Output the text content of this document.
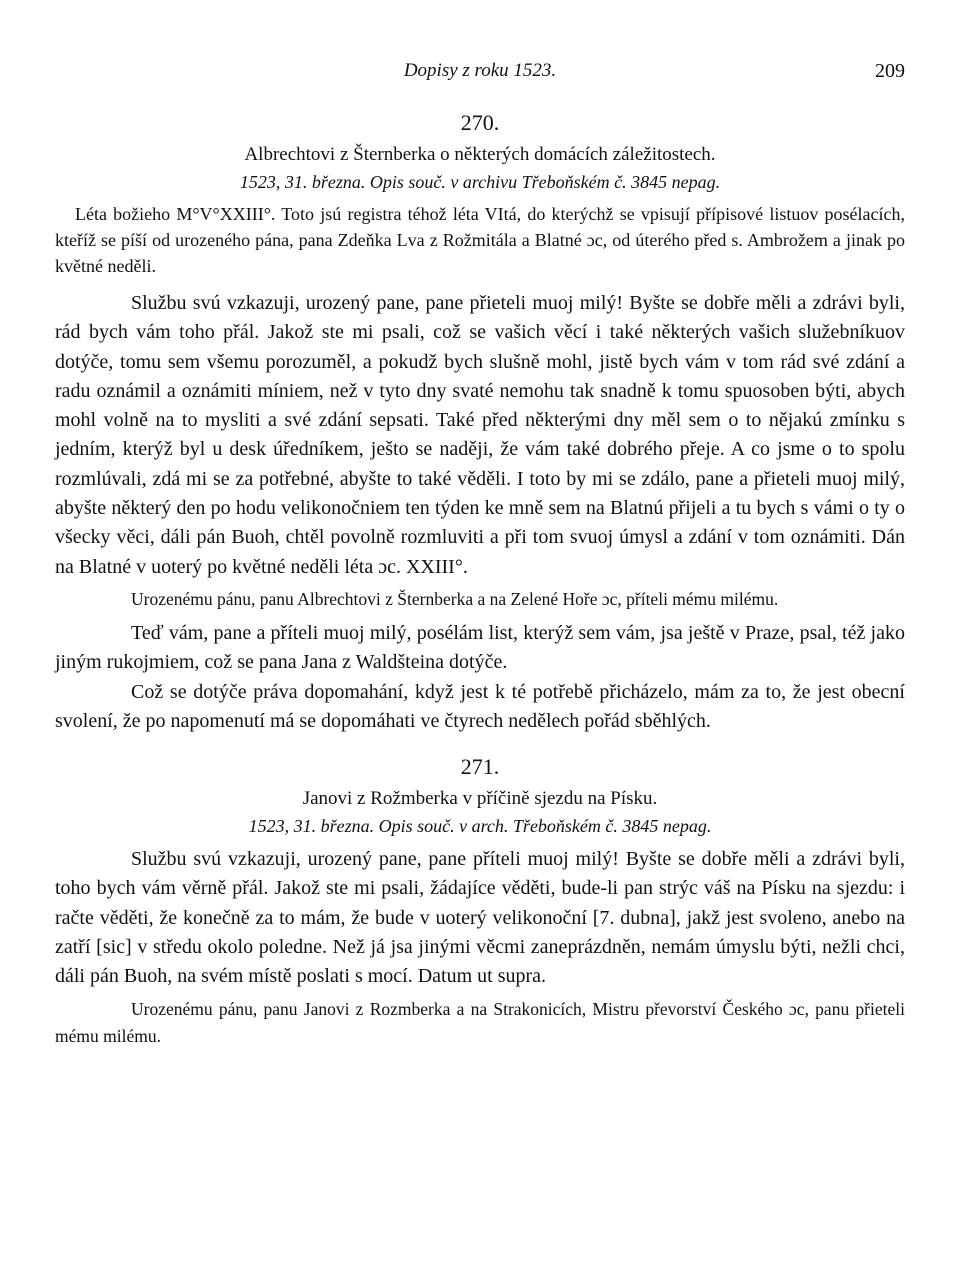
Dopisy z roku 1523.	209
270.
Albrechtovi z Šternberka o některých domácích záležitostech.
1523, 31. března. Opis souč. v archivu Třeboňském č. 3845 nepag.

Léta božieho M°V°XXIII°. Toto jsú registra téhož léta VItá, do kterýchž se vpisují přípisové listuov posélacích, kteříž se píší od urozeného pána, pana Zdeňka Lva z Rožmitála a Blatné ɔc, od úterého před s. Ambrožem a jinak po květné neděli.

Službu svú vzkazuji, urozený pane, pane přieteli muoj milý! Byšte se dobře měli a zdrávi byli, rád bych vám toho přál. Jakož ste mi psali, což se vašich věcí i také některých vašich služebníkuov dotýče, tomu sem všemu porozuměl, a pokudž bych slušně mohl, jistě bych vám v tom rád své zdání a radu oznámil a oznámiti míniem, než v tyto dny svaté nemohu tak snadně k tomu spuosoben býti, abych mohl volně na to mysliti a své zdání sepsati. Také před některými dny měl sem o to nějakú zmínku s jedním, kterýž byl u desk úředníkem, ješto se naději, že vám také dobrého přeje. A co jsme o to spolu rozmlúvali, zdá mi se za potřebné, abyšte to také věděli. I toto by mi se zdálo, pane a přieteli muoj milý, abyšte některý den po hodu velikonočniem ten týden ke mně sem na Blatnú přijeli a tu bych s vámi o ty o všecky věci, dáli pán Buoh, chtěl povolně rozmluviti a při tom svuoj úmysl a zdání v tom oznámiti. Dán na Blatné v uoterý po květné neděli léta ɔc. XXIII°.

Urozenému pánu, panu Albrechtovi z Šternberka a na Zelené Hoře ɔc, příteli mému milému.

Teď vám, pane a příteli muoj milý, posélám list, kterýž sem vám, jsa ještě v Praze, psal, též jako jiným rukojmiem, což se pana Jana z Waldšteina dotýče.

Což se dotýče práva dopomahání, když jest k té potřebě přicházelo, mám za to, že jest obecní svolení, že po napomenutí má se dopomáhati ve čtyrech nedělech pořád sběhlých.

271.
Janovi z Rožmberka v příčině sjezdu na Písku.
1523, 31. března. Opis souč. v arch. Třeboňském č. 3845 nepag.

Službu svú vzkazuji, urozený pane, pane příteli muoj milý! Byšte se dobře měli a zdrávi byli, toho bych vám věrně přál. Jakož ste mi psali, žádajíce věděti, bude-li pan strýc váš na Písku na sjezdu: i račte věděti, že konečně za to mám, že bude v uoterý velikonoční [7. dubna], jakž jest svoleno, anebo na zatří [sic] v středu okolo poledne. Než já jsa jinými věcmi zaneprázdněn, nemám úmyslu býti, nežli chci, dáli pán Buoh, na svém místě poslati s mocí. Datum ut supra.

Urozenému pánu, panu Janovi z Rozmberka a na Strakonicích, Mistru převorství Českého ɔc, panu přieteli mému milému.
